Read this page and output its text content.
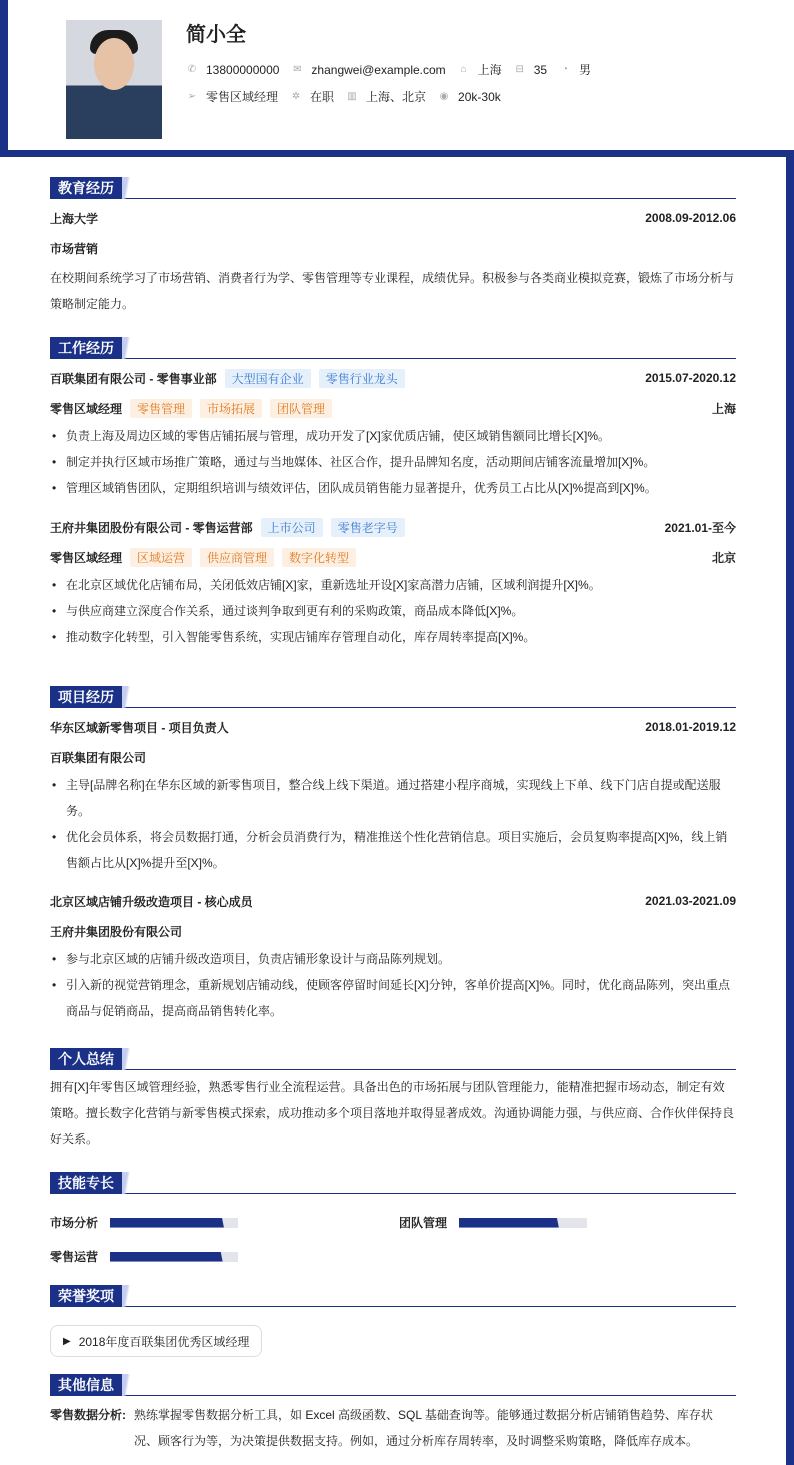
简小全
✆ 13800000000 ✉ zhangwei@example.com ⌂ 上海 ⊟ 35 ◔ 男
➢ 零售区域经理 ✲ 在职 ▥ 上海、北京 ◉ 20k-30k
教育经历
上海大学	2008.09-2012.06
市场营销

在校期间系统学习了市场营销、消费者行为学、零售管理等专业课程，成绩优异。积极参与各类商业模拟竞赛，锻炼了市场分析与策略制定能力。

工作经历
百联集团有限公司 - 零售事业部 大型国有企业 零售行业龙头	2015.07-2020.12
零售区域经理 零售管理 市场拓展 团队管理	上海
• 负责上海及周边区域的零售店铺拓展与管理，成功开发了[X]家优质店铺，使区域销售额同比增长[X]%。
• 制定并执行区域市场推广策略，通过与当地媒体、社区合作，提升品牌知名度，活动期间店铺客流量增加[X]%。
• 管理区域销售团队，定期组织培训与绩效评估，团队成员销售能力显著提升，优秀员工占比从[X]%提高到[X]%。
王府井集团股份有限公司 - 零售运营部 上市公司 零售老字号	2021.01-至今
零售区域经理 区域运营 供应商管理 数字化转型	北京
• 在北京区域优化店铺布局，关闭低效店铺[X]家，重新选址开设[X]家高潜力店铺，区域利润提升[X]%。
• 与供应商建立深度合作关系，通过谈判争取到更有利的采购政策，商品成本降低[X]%。
• 推动数字化转型，引入智能零售系统，实现店铺库存管理自动化，库存周转率提高[X]%。
项目经历
华东区域新零售项目 - 项目负责人	2018.01-2019.12
百联集团有限公司
• 主导[品牌名称]在华东区域的新零售项目，整合线上线下渠道。通过搭建小程序商城，实现线上下单、线下门店自提或配送服务。
• 优化会员体系，将会员数据打通，分析会员消费行为，精准推送个性化营销信息。项目实施后，会员复购率提高[X]%，线上销售额占比从[X]%提升至[X]%。
北京区域店铺升级改造项目 - 核心成员	2021.03-2021.09
王府井集团股份有限公司
• 参与北京区域的店铺升级改造项目，负责店铺形象设计与商品陈列规划。
• 引入新的视觉营销理念，重新规划店铺动线，使顾客停留时间延长[X]分钟，客单价提高[X]%。同时，优化商品陈列，突出重点商品与促销商品，提高商品销售转化率。
个人总结

拥有[X]年零售区域管理经验，熟悉零售行业全流程运营。具备出色的市场拓展与团队管理能力，能精准把握市场动态，制定有效策略。擅长数字化营销与新零售模式探索，成功推动多个项目落地并取得显著成效。沟通协调能力强，与供应商、合作伙伴保持良好关系。

技能专长
市场分析	团队管理
零售运营
荣誉奖项
▶ 2018年度百联集团优秀区域经理
其他信息
零售数据分析: 熟练掌握零售数据分析工具，如 Excel 高级函数、SQL 基础查询等。能够通过数据分析店铺销售趋势、库存状况、顾客行为等，为决策提供数据支持。例如，通过分析库存周转率，及时调整采购策略，降低库存成本。
